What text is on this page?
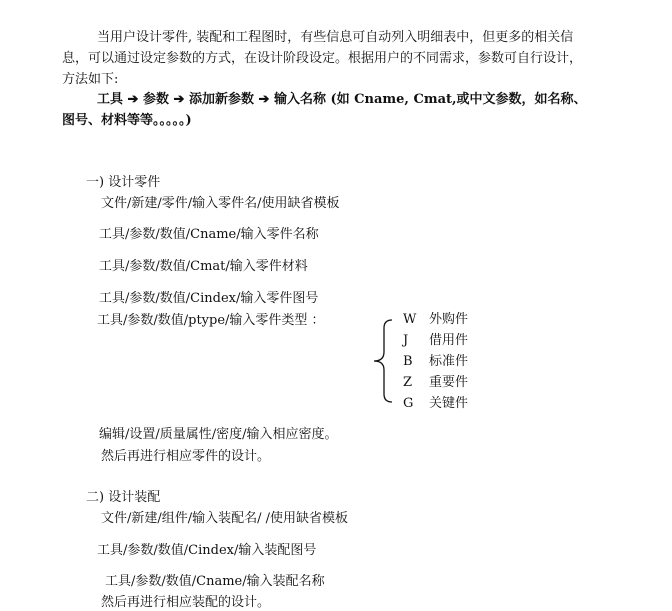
当用户设计零件, 装配和工程图时，有些信息可自动列入明细表中，但更多的相关信
息，可以通过设定参数的方式，在设计阶段设定。根据用户的不同需求，参数可自行设计，
方法如下:
工具 ➔ 参数 ➔ 添加新参数 ➔ 输入名称 (如 Cname, Cmat,或中文参数，如名称、
图号、材料等等。。。。。)
一) 设计零件
文件/新建/零件/输入零件名/使用缺省模板
工具/参数/数值/Cname/输入零件名称
工具/参数/数值/Cmat/输入零件材料
工具/参数/数值/Cindex/输入零件图号
工具/参数/数值/ptype/输入零件类型 ：	W 外购件
J 借用件
B 标准件
Z 重要件
G 关键件
编辑/设置/质量属性/密度/输入相应密度。
然后再进行相应零件的设计。
二) 设计装配
文件/新建/组件/输入装配名/ /使用缺省模板
工具/参数/数值/Cindex/输入装配图号
工具/参数/数值/Cname/输入装配名称
然后再进行相应装配的设计。
